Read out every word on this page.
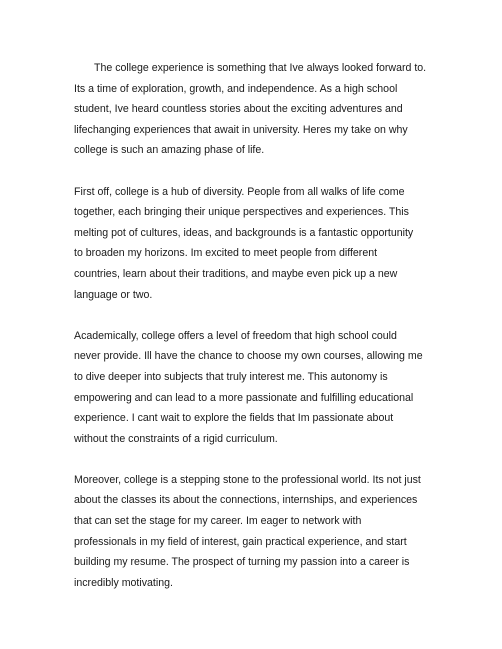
The college experience is something that Ive always looked forward to.
Its a time of exploration, growth, and independence. As a high school
student, Ive heard countless stories about the exciting adventures and
lifechanging experiences that await in university. Heres my take on why
college is such an amazing phase of life.

First off, college is a hub of diversity. People from all walks of life come
together, each bringing their unique perspectives and experiences. This
melting pot of cultures, ideas, and backgrounds is a fantastic opportunity
to broaden my horizons. Im excited to meet people from different
countries, learn about their traditions, and maybe even pick up a new
language or two.

Academically, college offers a level of freedom that high school could
never provide. Ill have the chance to choose my own courses, allowing me
to dive deeper into subjects that truly interest me. This autonomy is
empowering and can lead to a more passionate and fulfilling educational
experience. I cant wait to explore the fields that Im passionate about
without the constraints of a rigid curriculum.

Moreover, college is a stepping stone to the professional world. Its not just
about the classes its about the connections, internships, and experiences
that can set the stage for my career. Im eager to network with
professionals in my field of interest, gain practical experience, and start
building my resume. The prospect of turning my passion into a career is
incredibly motivating.
